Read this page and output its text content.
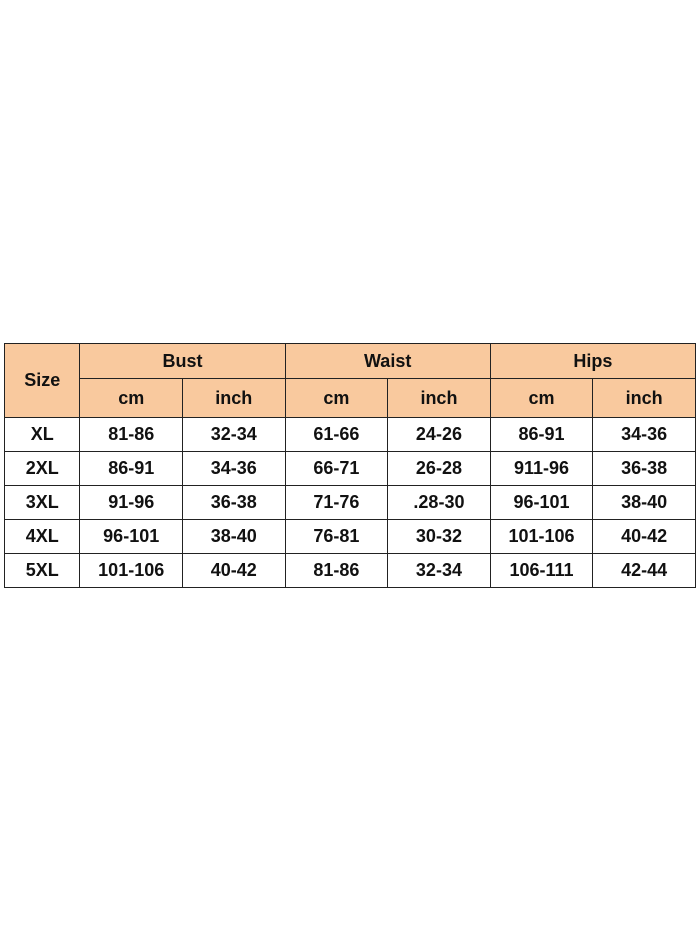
Size	Bust		Waist		Hips	
	cm	inch	cm	inch	cm	inch
XL	81-86	32-34	61-66	24-26	86-91	34-36
2XL	86-91	34-36	66-71	26-28	911-96	36-38
3XL	91-96	36-38	71-76	.28-30	96-101	38-40
4XL	96-101	38-40	76-81	30-32	101-106	40-42
5XL	101-106	40-42	81-86	32-34	106-111	42-44
